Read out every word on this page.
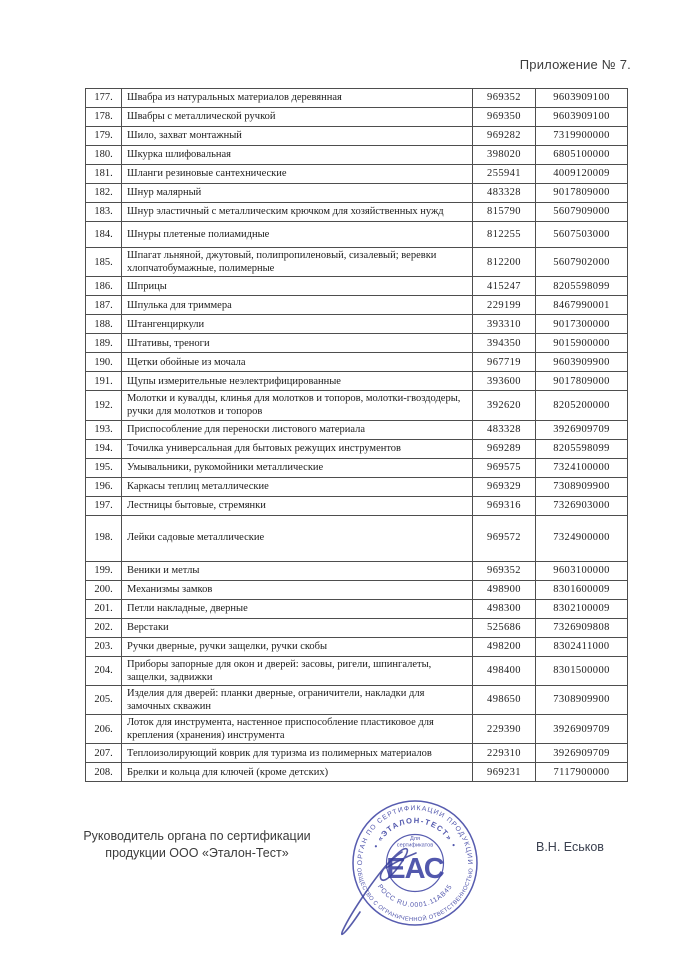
Приложение № 7.
177.	Швабра из натуральных материалов деревянная	969352	9603909100
178.	Швабры с металлической ручкой	969350	9603909100
179.	Шило, захват монтажный	969282	7319900000
180.	Шкурка шлифовальная	398020	6805100000
181.	Шланги резиновые сантехнические	255941	4009120009
182.	Шнур малярный	483328	9017809000
183.	Шнур эластичный с металлическим крючком для хозяйственных нужд	815790	5607909000
184.	Шнуры плетеные полиамидные	812255	5607503000
185.	Шпагат льняной, джутовый, полипропиленовый, сизалевый; веревки хлопчатобумажные, полимерные	812200	5607902000
186.	Шприцы	415247	8205598099
187.	Шпулька для триммера	229199	8467990001
188.	Штангенциркули	393310	9017300000
189.	Штативы, треноги	394350	9015900000
190.	Щетки обойные из мочала	967719	9603909900
191.	Щупы измерительные неэлектрифицированные	393600	9017809000
192.	Молотки и кувалды, клинья для молотков и топоров, молотки-гвоздодеры, ручки для молотков и топоров	392620	8205200000
193.	Приспособление для переноски листового материала	483328	3926909709
194.	Точилка универсальная для бытовых режущих инструментов	969289	8205598099
195.	Умывальники, рукомойники металлические	969575	7324100000
196.	Каркасы теплиц металлические	969329	7308909900
197.	Лестницы бытовые, стремянки	969316	7326903000
198.	Лейки садовые металлические	969572	7324900000
199.	Веники и метлы	969352	9603100000
200.	Механизмы замков	498900	8301600009
201.	Петли накладные, дверные	498300	8302100009
202.	Верстаки	525686	7326909808
203.	Ручки дверные, ручки защелки, ручки скобы	498200	8302411000
204.	Приборы запорные для окон и дверей: засовы, ригели, шпингалеты, защелки, задвижки	498400	8301500000
205.	Изделия для дверей: планки дверные, ограничители, накладки для замочных скважин	498650	7308909900
206.	Лоток для инструмента, настенное приспособление пластиковое для крепления (хранения) инструмента	229390	3926909709
207.	Теплоизолирующий коврик для туризма из полимерных материалов	229310	3926909709
208.	Брелки и кольца для ключей (кроме детских)	969231	7117900000
Руководитель органа по сертификации
продукции ООО «Эталон-Тест»	В.Н. Еськов
ОРГАН ПО СЕРТИФИКАЦИИ ПРОДУКЦИИ
ОБЩЕСТВО С ОГРАНИЧЕННОЙ ОТВЕТСТВЕННОСТЬЮ
• «ЭТАЛОН-ТЕСТ» •
РОСС RU.0001.11АВ45
Для
сертификатов
ЕАС
